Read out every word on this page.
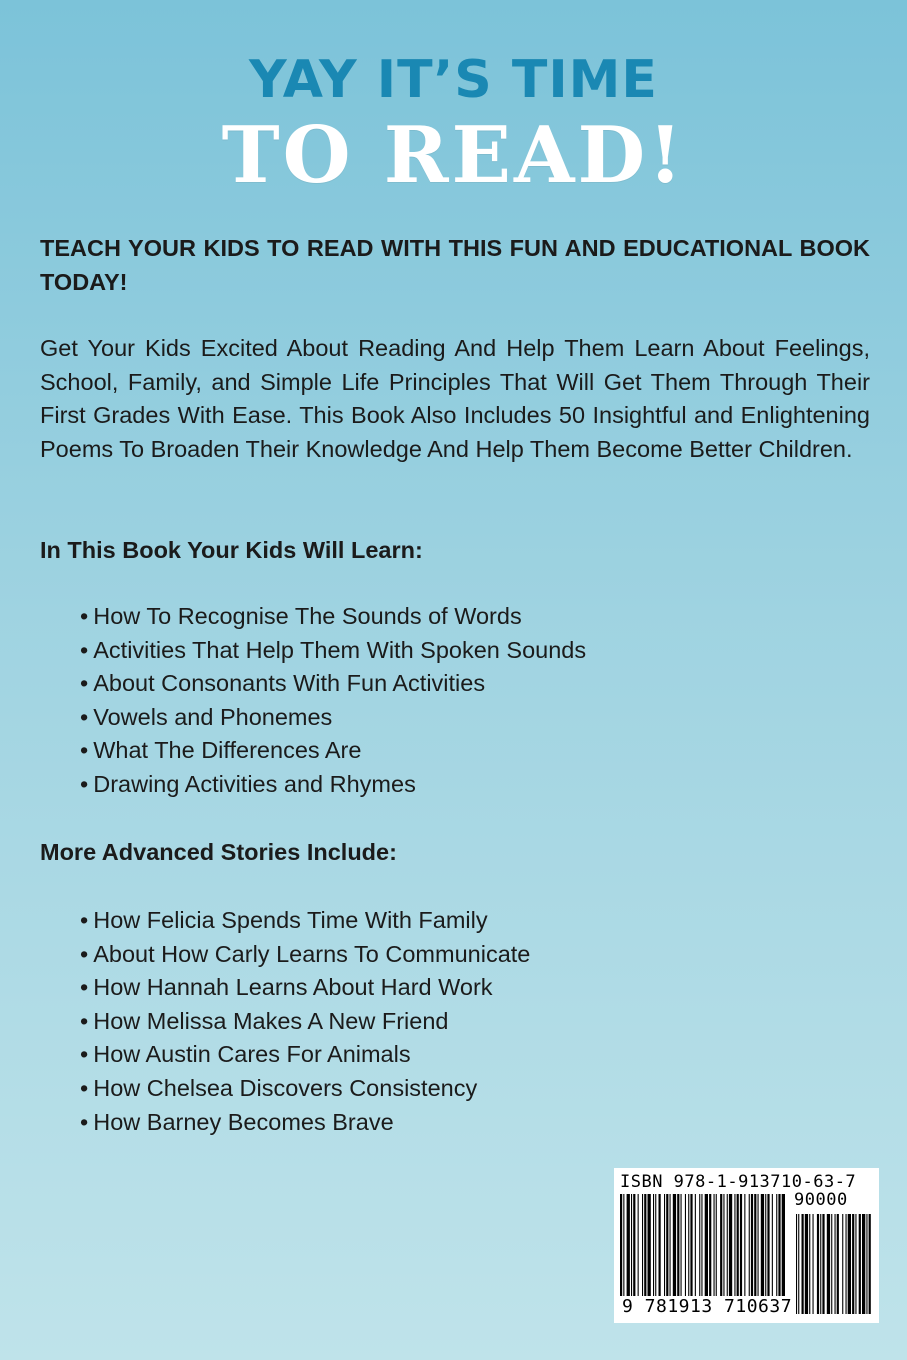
YAY IT’S TIME
TO READ!
TEACH YOUR KIDS TO READ WITH THIS FUN AND EDUCATIONAL BOOK TODAY!
Get Your Kids Excited About Reading And Help Them Learn About Feelings, School, Family, and Simple Life Principles That Will Get Them Through Their First Grades With Ease. This Book Also Includes 50 Insightful and Enlightening Poems To Broaden Their Knowledge And Help Them Become Better Children.
In This Book Your Kids Will Learn:
• How To Recognise The Sounds of Words
• Activities That Help Them With Spoken Sounds
• About Consonants With Fun Activities
• Vowels and Phonemes
• What The Differences Are
• Drawing Activities and Rhymes
More Advanced Stories Include:
• How Felicia Spends Time With Family
• About How Carly Learns To Communicate
• How Hannah Learns About Hard Work
• How Melissa Makes A New Friend
• How Austin Cares For Animals
• How Chelsea Discovers Consistency
• How Barney Becomes Brave
ISBN 978-1-913710-63-7
90000
9 781913 710637
